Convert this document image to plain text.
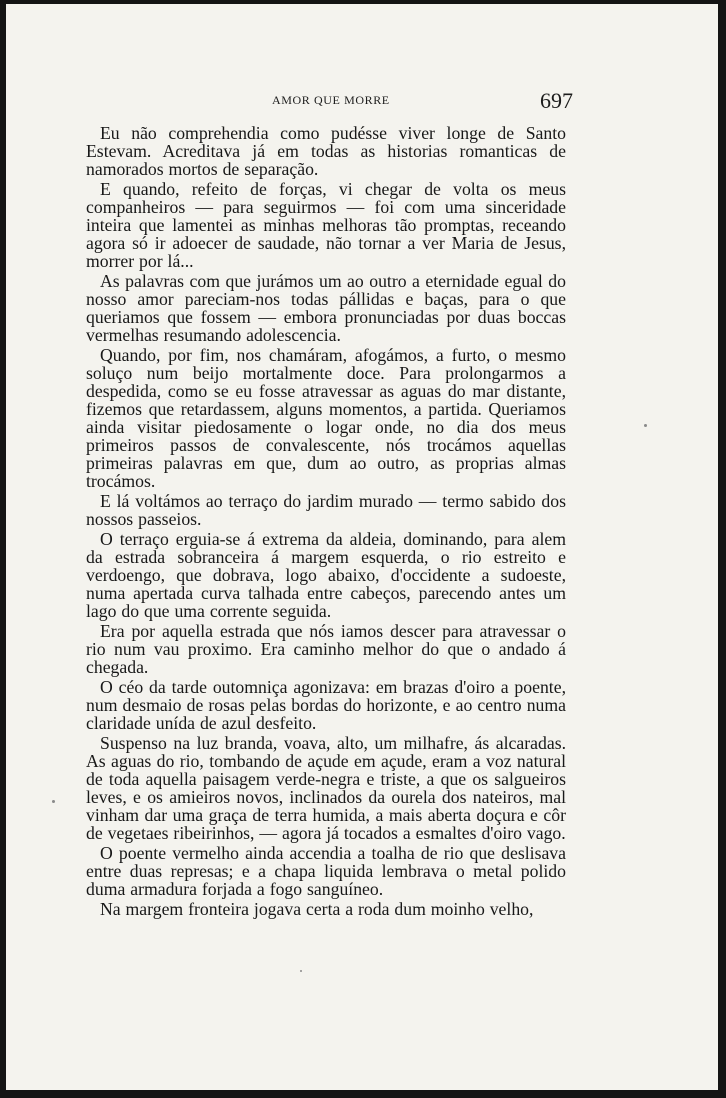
AMOR QUE MORRE	697

Eu não comprehendia como pudésse viver longe de Santo Estevam. Acreditava já em todas as historias romanticas de namorados mortos de separação.

E quando, refeito de forças, vi chegar de volta os meus companheiros — para seguirmos — foi com uma sinceridade inteira que lamentei as minhas melhoras tão promptas, receando agora só ir adoecer de saudade, não tornar a ver Maria de Jesus, morrer por lá...

As palavras com que jurámos um ao outro a eternidade egual do nosso amor pareciam-nos todas pállidas e baças, para o que queriamos que fossem — embora pronunciadas por duas boccas vermelhas resumando adolescencia.

Quando, por fim, nos chamáram, afogámos, a furto, o mesmo soluço num beijo mortalmente doce. Para prolongarmos a despedida, como se eu fosse atravessar as aguas do mar distante, fizemos que retardassem, alguns momentos, a partida. Queriamos ainda visitar piedosamente o logar onde, no dia dos meus primeiros passos de convalescente, nós trocámos aquellas primeiras palavras em que, dum ao outro, as proprias almas trocámos.

E lá voltámos ao terraço do jardim murado — termo sabido dos nossos passeios.

O terraço erguia-se á extrema da aldeia, dominando, para alem da estrada sobranceira á margem esquerda, o rio estreito e verdoengo, que dobrava, logo abaixo, d'occidente a sudoeste, numa apertada curva talhada entre cabeços, parecendo antes um lago do que uma corrente seguida.

Era por aquella estrada que nós iamos descer para atravessar o rio num vau proximo. Era caminho melhor do que o andado á chegada.

O céo da tarde outomniça agonizava: em brazas d'oiro a poente, num desmaio de rosas pelas bordas do horizonte, e ao centro numa claridade unída de azul desfeito.

Suspenso na luz branda, voava, alto, um milhafre, ás alcaradas. As aguas do rio, tombando de açude em açude, eram a voz natural de toda aquella paisagem verde-negra e triste, a que os salgueiros leves, e os amieiros novos, inclinados da ourela dos nateiros, mal vinham dar uma graça de terra humida, a mais aberta doçura e côr de vegetaes ribeirinhos, — agora já tocados a esmaltes d'oiro vago.

O poente vermelho ainda accendia a toalha de rio que deslisava entre duas represas; e a chapa liquida lembrava o metal polido duma armadura forjada a fogo sanguíneo.

Na margem fronteira jogava certa a roda dum moinho velho,
